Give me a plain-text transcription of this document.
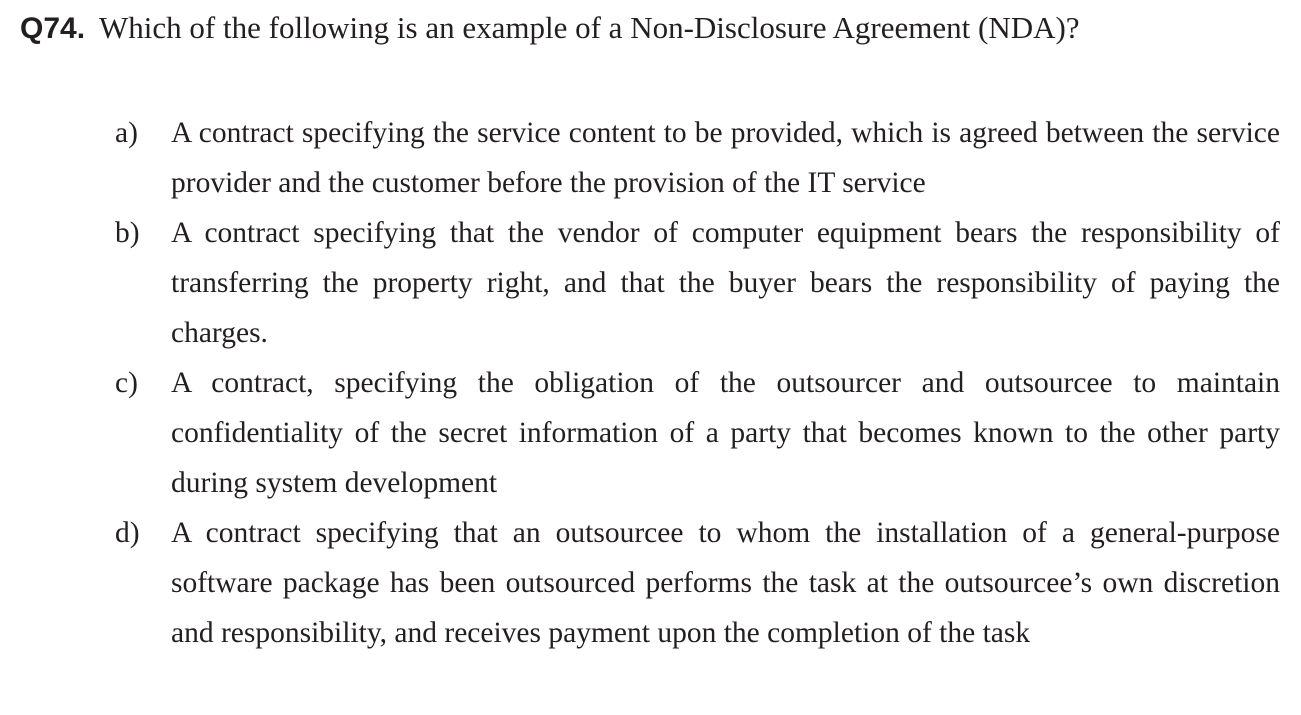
Q74. Which of the following is an example of a Non-Disclosure Agreement (NDA)?
a)	A contract specifying the service content to be provided, which is agreed between the service provider and the customer before the provision of the IT service
b)	A contract specifying that the vendor of computer equipment bears the responsibility of transferring the property right, and that the buyer bears the responsibility of paying the charges.
c)	A contract, specifying the obligation of the outsourcer and outsourcee to maintain confidentiality of the secret information of a party that becomes known to the other party during system development
d)	A contract specifying that an outsourcee to whom the installation of a general-purpose software package has been outsourced performs the task at the outsourcee’s own discretion and responsibility, and receives payment upon the completion of the task
